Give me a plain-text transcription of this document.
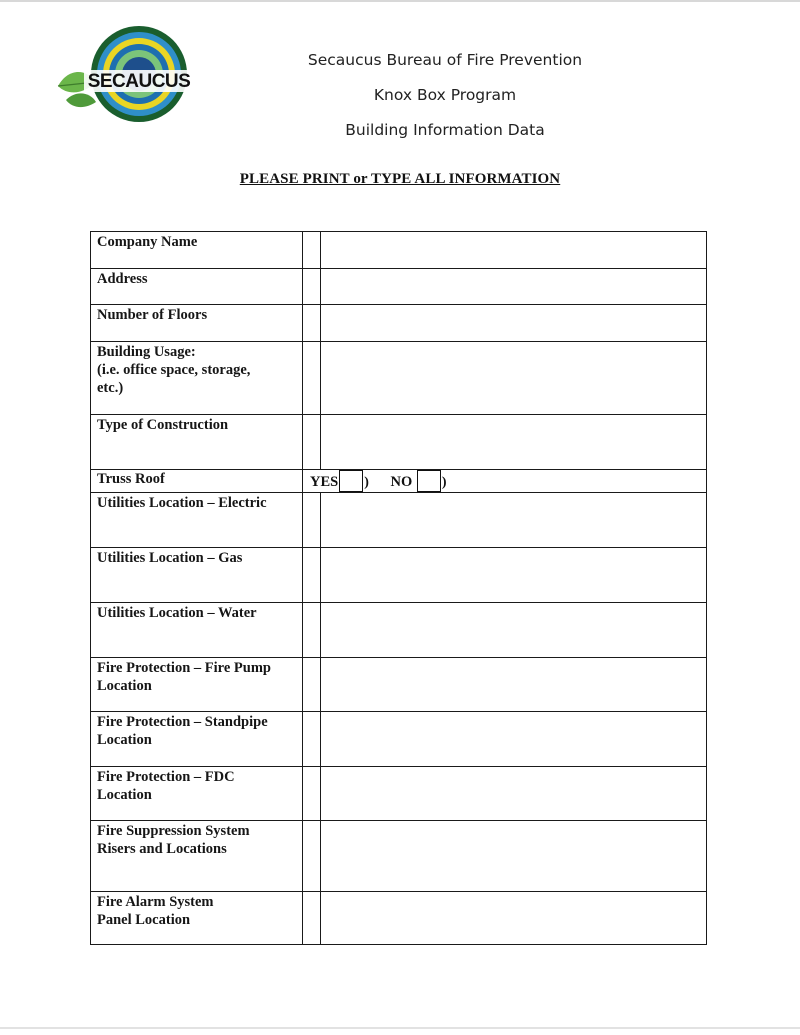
SECAUCUS
Secaucus Bureau of Fire Prevention
Knox Box Program
Building Information Data
PLEASE PRINT or TYPE ALL INFORMATION
Company Name		
Address		
Number of Floors		

Building Usage:
(i.e. office space, storage,
etc.)		

Type of Construction		
Truss Roof	YES ) NO )	

Utilities Location – Electric		
Utilities Location – Gas		
Utilities Location – Water		

Fire Protection – Fire Pump
Location		

Fire Protection – Standpipe
Location		

Fire Protection – FDC
Location		

Fire Suppression System
Risers and Locations		

Fire Alarm System
Panel Location		
